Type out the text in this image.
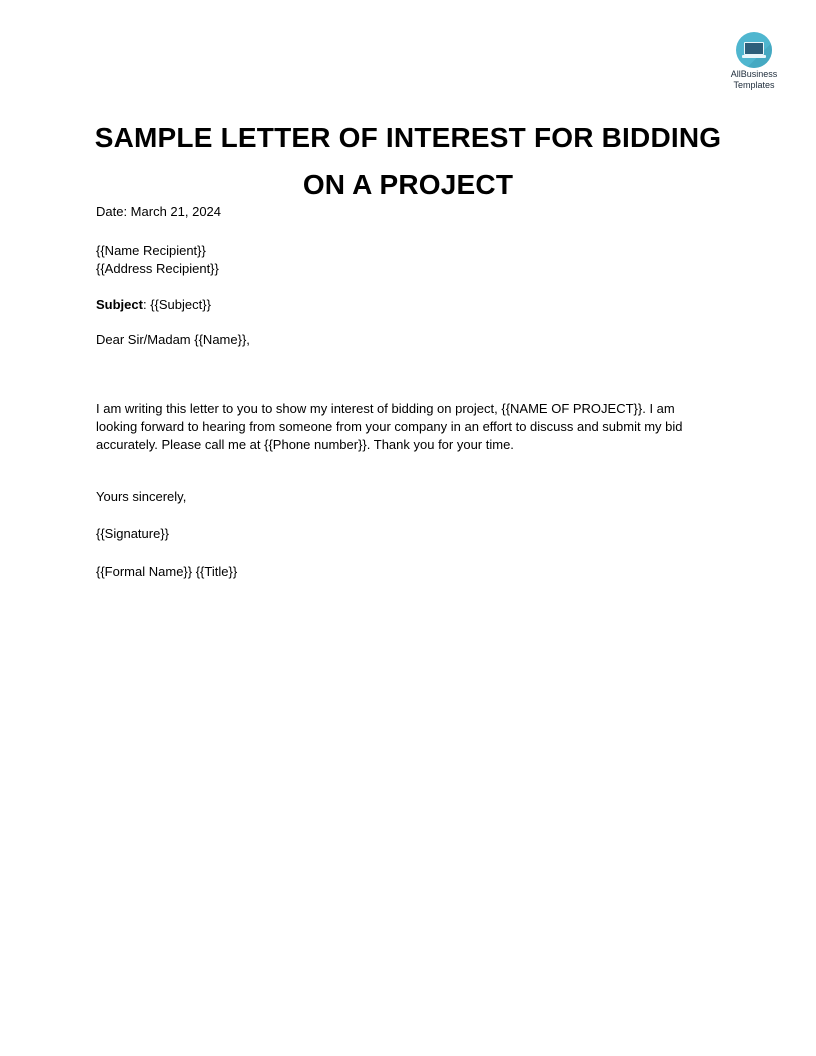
AllBusiness
Templates
SAMPLE LETTER OF INTEREST FOR BIDDING
ON A PROJECT

Date: March 21, 2024

{{Name Recipient}}

{{Address Recipient}}

Subject: {{Subject}}

Dear Sir/Madam {{Name}},

I am writing this letter to you to show my interest of bidding on project, {{NAME OF PROJECT}}. I am
looking forward to hearing from someone from your company in an effort to discuss and submit my bid
accurately. Please call me at {{Phone number}}. Thank you for your time.

Yours sincerely,

{{Signature}}

{{Formal Name}} {{Title}}
